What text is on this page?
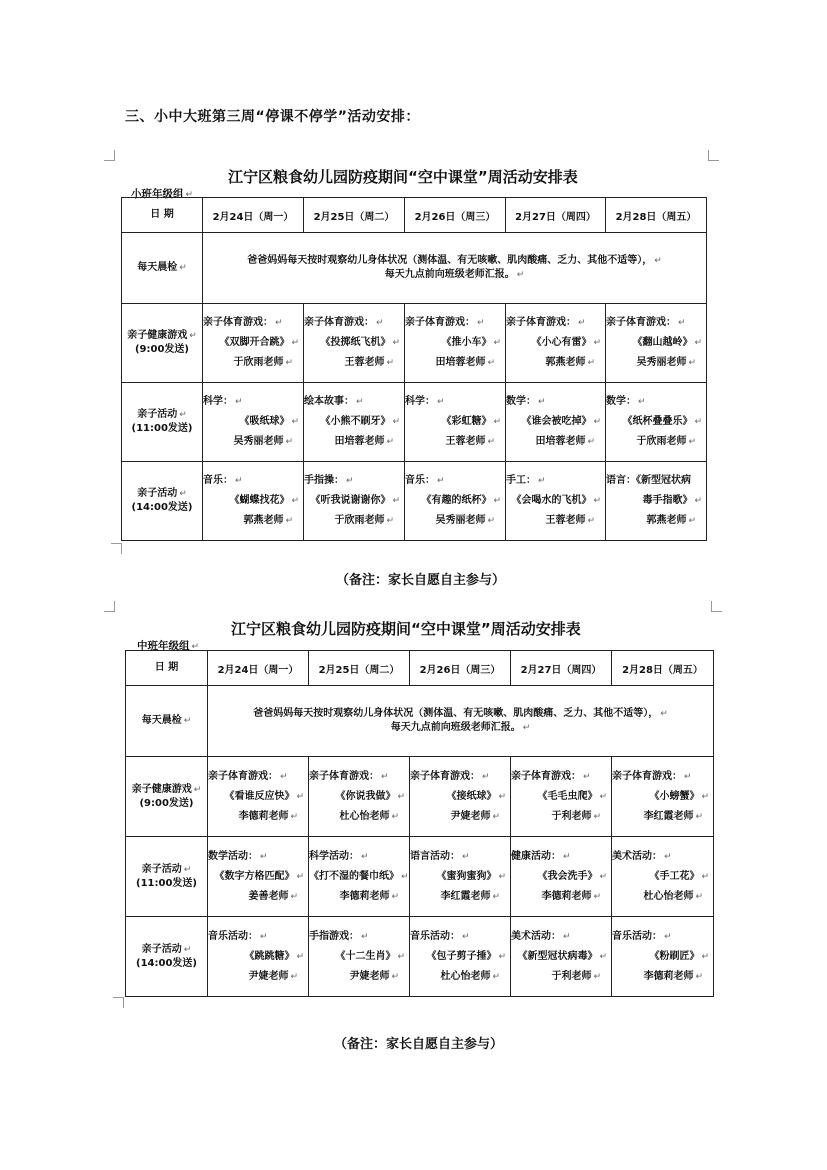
三、小中大班第三周“停课不停学”活动安排：
江宁区粮食幼儿园防疫期间“空中课堂”周活动安排表
小班年级组 ↵
日 期	2月24日（周一）	2月25日（周二）	2月26日（周三）	2月27日（周四）	2月28日（周五）
每天晨检 ↵	爸爸妈妈每天按时观察幼儿身体状况（测体温、有无咳嗽、肌肉酸痛、乏力、其他不适等）， ↵
每天九点前向班级老师汇报。 ↵				
亲子健康游戏 ↵
(9:00发送)	亲子体育游戏： ↵
《双脚开合跳》 ↵
于欣雨老师 ↵	亲子体育游戏： ↵
《投掷纸飞机》 ↵
王蓉老师 ↵	亲子体育游戏： ↵
《推小车》 ↵
田培蓉老师 ↵	亲子体育游戏： ↵
《小心有雷》 ↵
郭燕老师 ↵	亲子体育游戏： ↵
《翻山越岭》 ↵
吴秀丽老师 ↵

亲子活动 ↵
(11:00发送)	科学： ↵
《吸纸球》 ↵
吴秀丽老师 ↵	绘本故事： ↵
《小熊不刷牙》 ↵
田培蓉老师 ↵	科学： ↵
《彩虹糖》 ↵
王蓉老师 ↵	数学： ↵
《谁会被吃掉》 ↵
田培蓉老师 ↵	数学： ↵
《纸杯叠叠乐》 ↵
于欣雨老师 ↵

亲子活动 ↵
(14:00发送)	音乐： ↵
《蝴蝶找花》 ↵
郭燕老师 ↵	手指操： ↵
《听我说谢谢你》 ↵
于欣雨老师 ↵	音乐： ↵
《有趣的纸杯》 ↵
吴秀丽老师 ↵	手工： ↵
《会喝水的飞机》 ↵
王蓉老师 ↵	语言：《新型冠状病
毒手指歌》 ↵
郭燕老师 ↵
（备注：家长自愿自主参与）
江宁区粮食幼儿园防疫期间“空中课堂”周活动安排表
中班年级组 ↵
日 期	2月24日（周一）	2月25日（周二）	2月26日（周三）	2月27日（周四）	2月28日（周五）
每天晨检 ↵	爸爸妈妈每天按时观察幼儿身体状况（测体温、有无咳嗽、肌肉酸痛、乏力、其他不适等）， ↵
每天九点前向班级老师汇报。 ↵				
亲子健康游戏 ↵
(9:00发送)	亲子体育游戏： ↵
《看谁反应快》 ↵
李德莉老师 ↵	亲子体育游戏： ↵
《你说我做》 ↵
杜心怡老师 ↵	亲子体育游戏： ↵
《接纸球》 ↵
尹婕老师 ↵	亲子体育游戏： ↵
《毛毛虫爬》 ↵
于利老师 ↵	亲子体育游戏： ↵
《小螃蟹》 ↵
李红霞老师 ↵

亲子活动 ↵
(11:00发送)	数学活动： ↵
《数字方格匹配》 ↵
姜善老师 ↵	科学活动： ↵
《打不湿的餐巾纸》 ↵
李德莉老师 ↵	语言活动： ↵
《蜜狗蜜狗》 ↵
李红霞老师 ↵	健康活动： ↵
《我会洗手》 ↵
李德莉老师 ↵	美术活动： ↵
《手工花》 ↵
杜心怡老师 ↵

亲子活动 ↵
(14:00发送)	音乐活动： ↵
《跳跳糖》 ↵
尹婕老师 ↵	手指游戏： ↵
《十二生肖》 ↵
尹婕老师 ↵	音乐活动： ↵
《包子剪子捶》 ↵
杜心怡老师 ↵	美术活动： ↵
《新型冠状病毒》 ↵
于利老师 ↵	音乐活动： ↵
《粉刷匠》 ↵
李德莉老师 ↵
（备注：家长自愿自主参与）
